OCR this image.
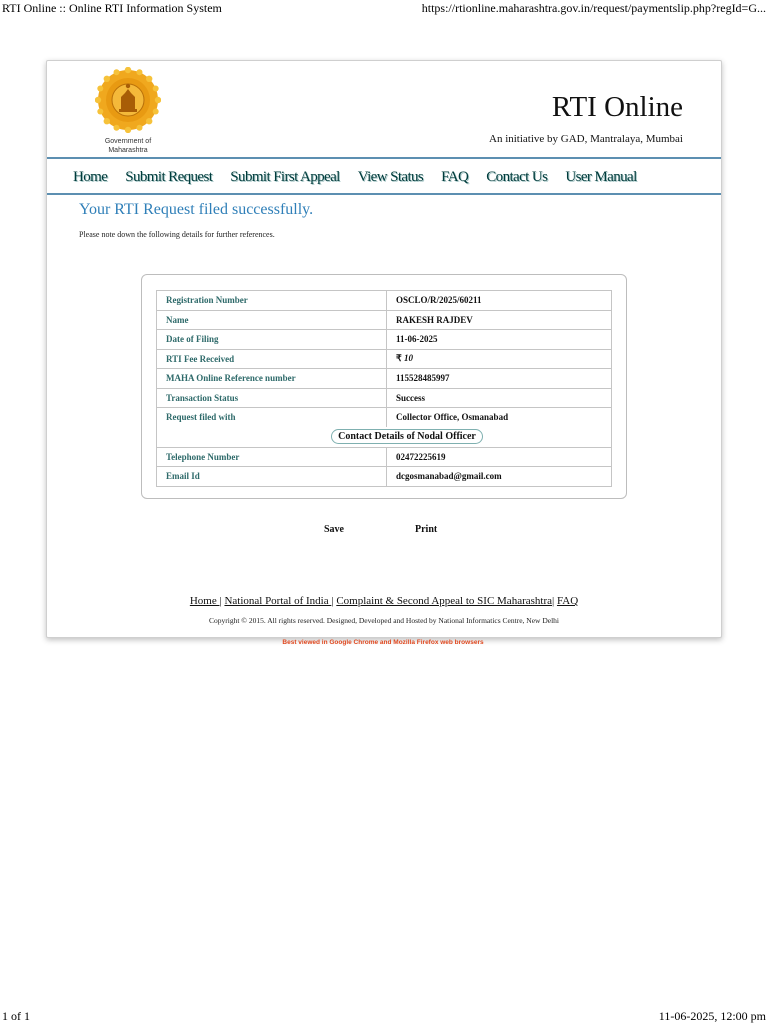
RTI Online :: Online RTI Information System	https://rtionline.maharashtra.gov.in/request/paymentslip.php?regId=G...
Government of
Maharashtra
RTI Online
An initiative by GAD, Mantralaya, Mumbai
Home Submit Request Submit First Appeal View Status FAQ Contact Us User Manual
Your RTI Request filed successfully.
Please note down the following details for further references.
Registration Number	OSCLO/R/2025/60211
Name	RAKESH RAJDEV
Date of Filing	11-06-2025
RTI Fee Received	₹ 10
MAHA Online Reference number	115528485997
Transaction Status	Success
Request filed with	Collector Office, Osmanabad
Contact Details of Nodal Officer	
Telephone Number	02472225619
Email Id	dcgosmanabad@gmail.com
Save	Print
Home | National Portal of India | Complaint & Second Appeal to SIC Maharashtra| FAQ
Copyright © 2015. All rights reserved. Designed, Developed and Hosted by National Informatics Centre, New Delhi
Best viewed in Google Chrome and Mozilla Firefox web browsers
1 of 1	11-06-2025, 12:00 pm
